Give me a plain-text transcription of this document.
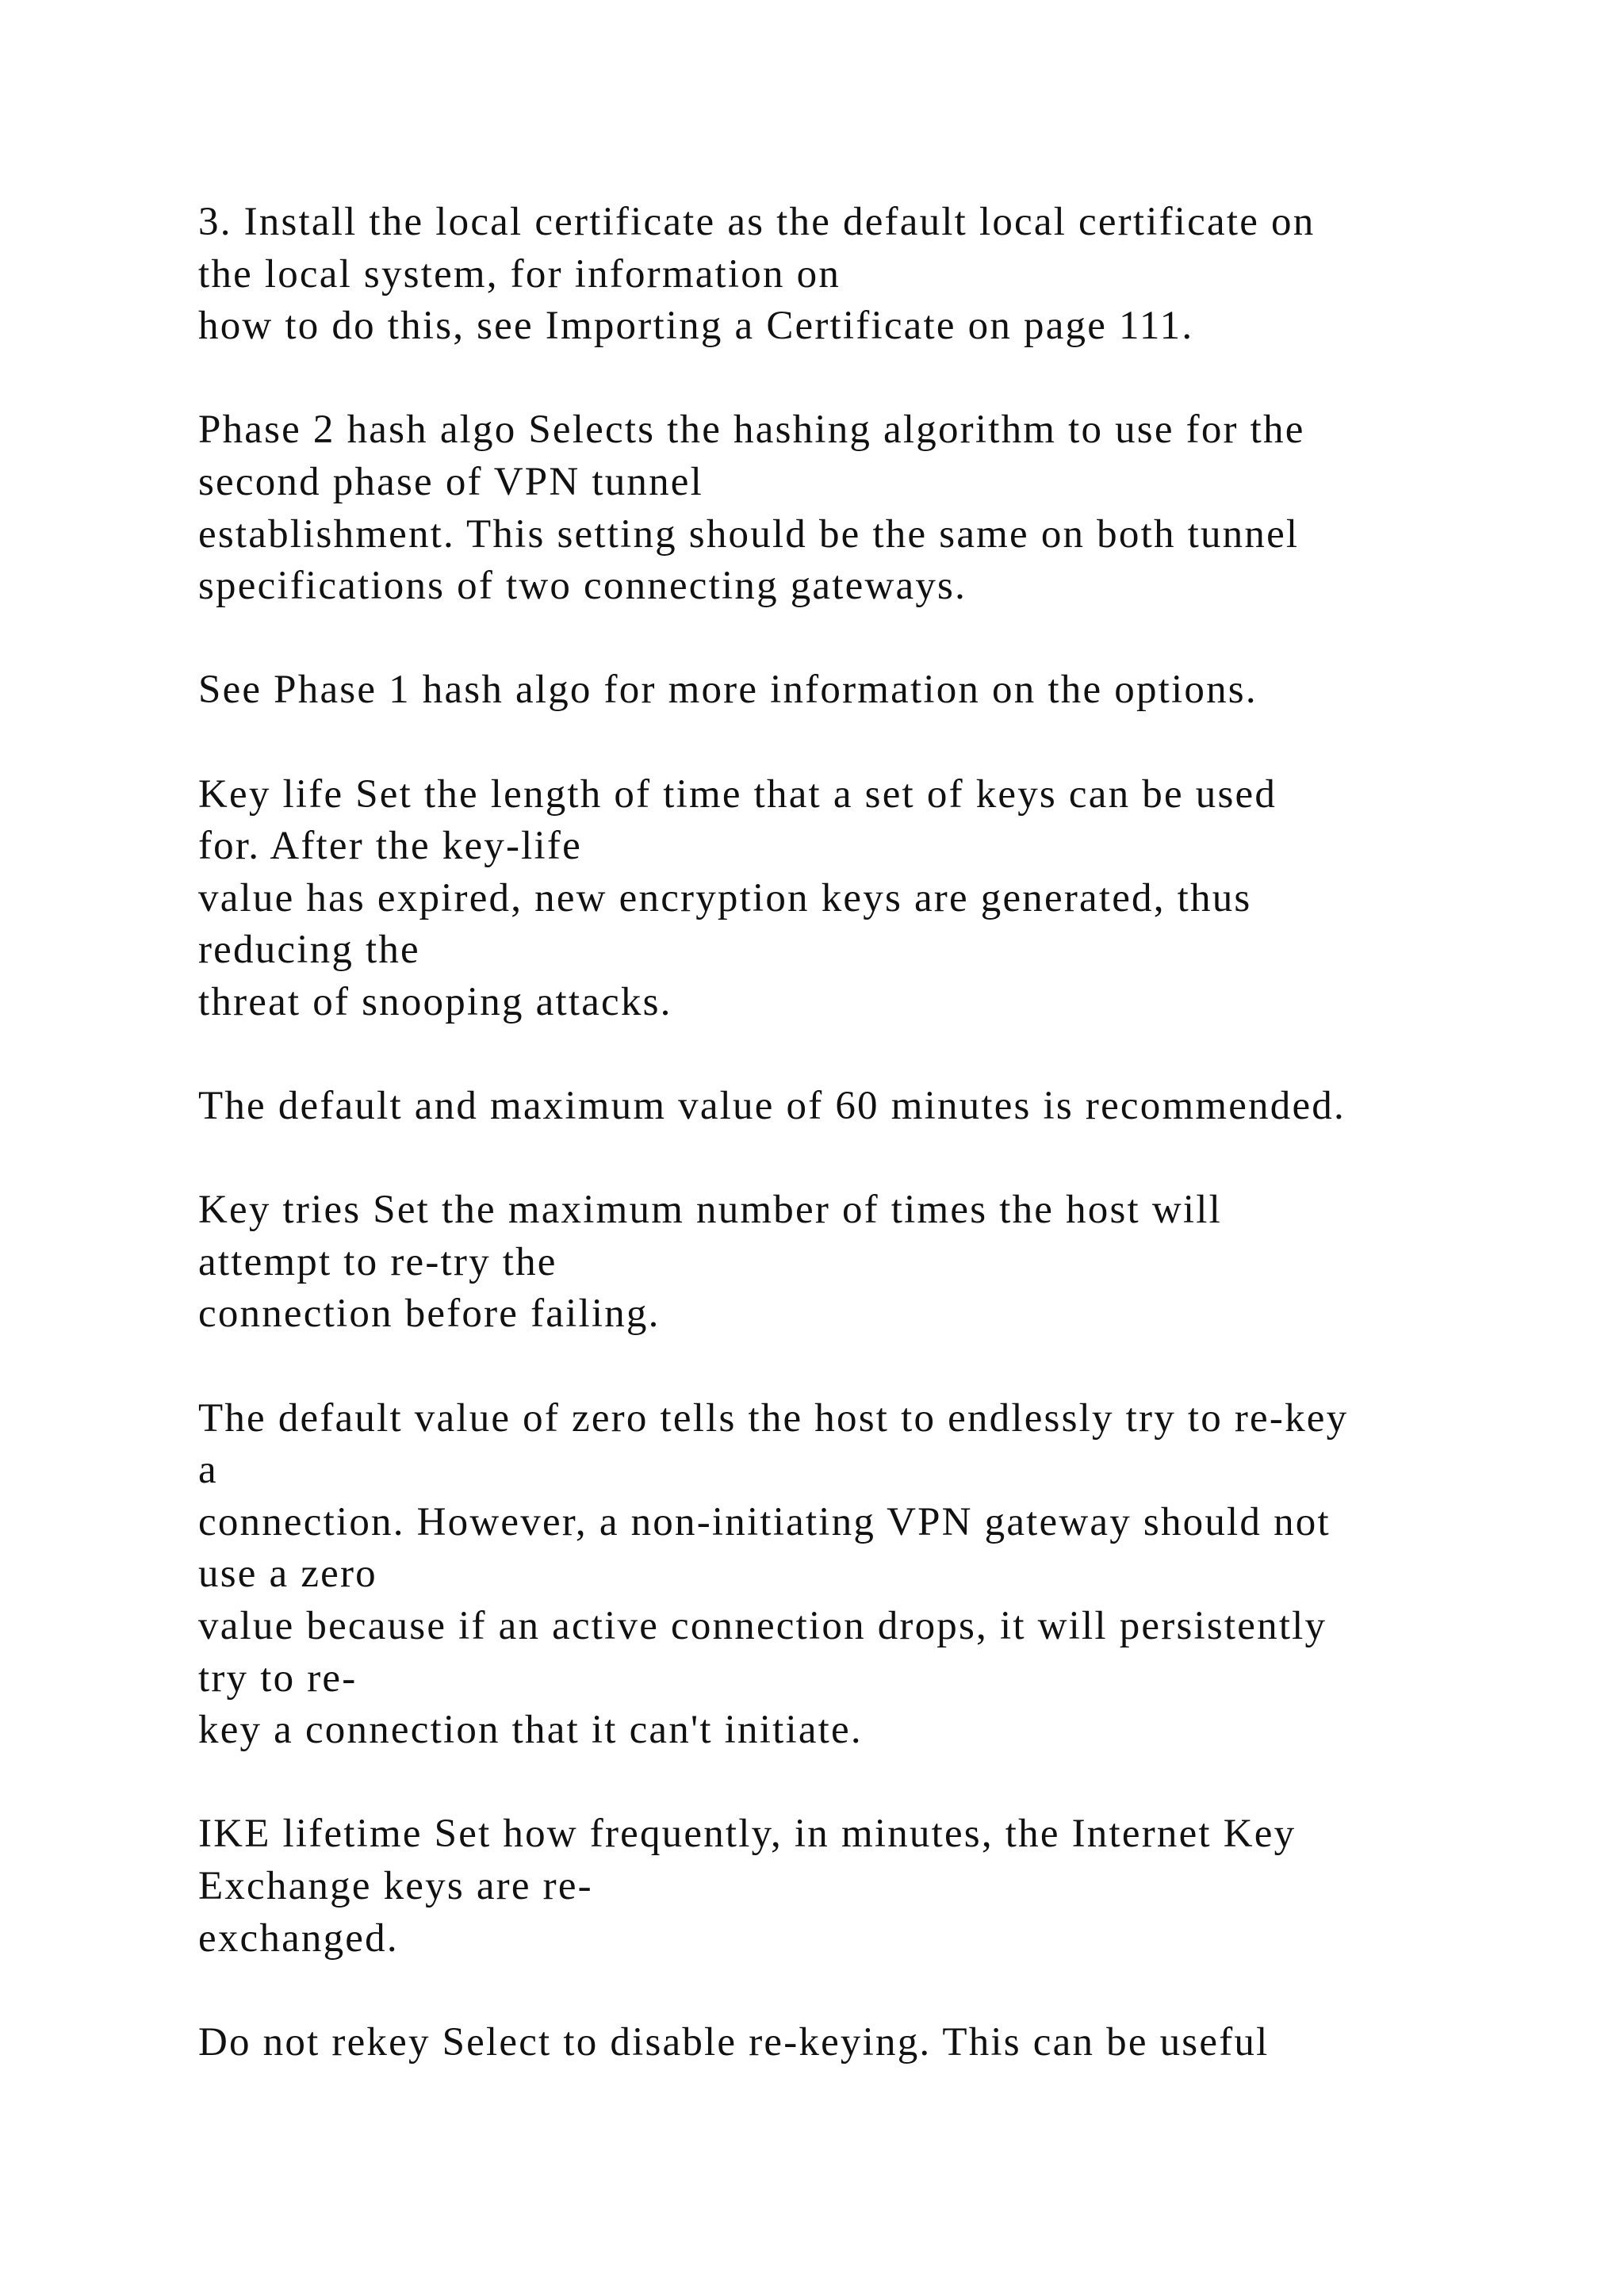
3. Install the local certificate as the default local certificate on
the local system, for information on
how to do this, see Importing a Certificate on page 111.

Phase 2 hash algo Selects the hashing algorithm to use for the
second phase of VPN tunnel
establishment. This setting should be the same on both tunnel
specifications of two connecting gateways.

See Phase 1 hash algo for more information on the options.

Key life Set the length of time that a set of keys can be used
for. After the key-life
value has expired, new encryption keys are generated, thus
reducing the
threat of snooping attacks.

The default and maximum value of 60 minutes is recommended.

Key tries Set the maximum number of times the host will
attempt to re-try the
connection before failing.

The default value of zero tells the host to endlessly try to re-key
a
connection. However, a non-initiating VPN gateway should not
use a zero
value because if an active connection drops, it will persistently
try to re-
key a connection that it can't initiate.

IKE lifetime Set how frequently, in minutes, the Internet Key
Exchange keys are re-
exchanged.

Do not rekey Select to disable re-keying. This can be useful
